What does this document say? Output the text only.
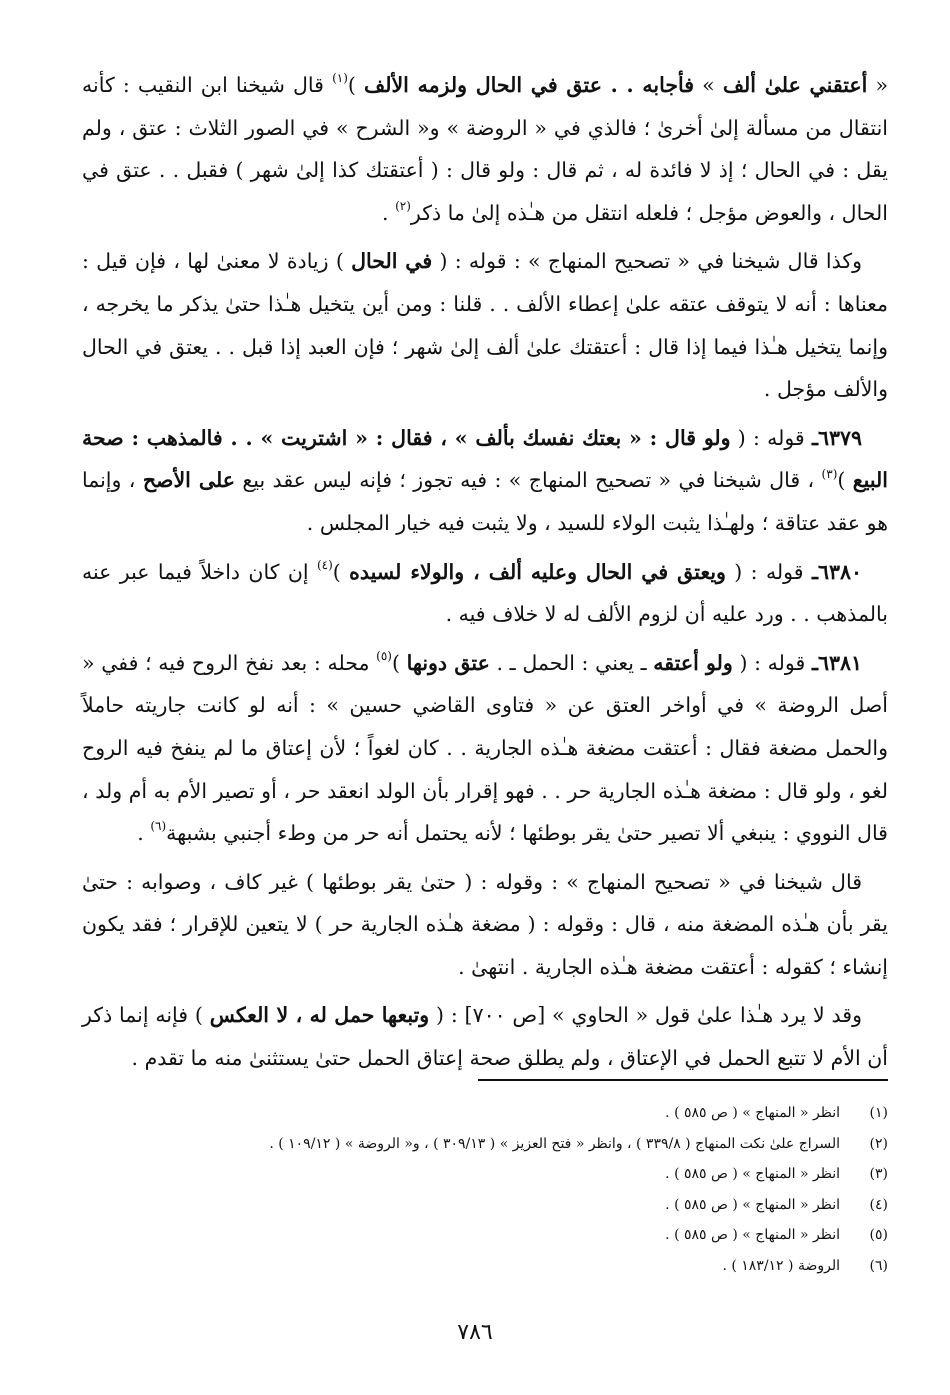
« أعتقني علىٰ ألف » فأجابه . . عتق في الحال ولزمه الألف )$^{(١)}$ قال شيخنا ابن النقيب : كأنه انتقال من مسألة إلىٰ أخرىٰ ؛ فالذي في « الروضة » و« الشرح » في الصور الثلاث : عتق ، ولم يقل : في الحال ؛ إذ لا فائدة له ، ثم قال : ولو قال : ( أعتقتك كذا إلىٰ شهر ) فقبل . . عتق في الحال ، والعوض مؤجل ؛ فلعله انتقل من هـٰذه إلىٰ ما ذكر$^{(٢)}$ .

وكذا قال شيخنا في « تصحيح المنهاج » : قوله : ( في الحال ) زيادة لا معنىٰ لها ، فإن قيل : معناها : أنه لا يتوقف عتقه علىٰ إعطاء الألف . . قلنا : ومن أين يتخيل هـٰذا حتىٰ يذكر ما يخرجه ، وإنما يتخيل هـٰذا فيما إذا قال : أعتقتك علىٰ ألف إلىٰ شهر ؛ فإن العبد إذا قبل . . يعتق في الحال والألف مؤجل .

٦٣٧٩ـ قوله : ( ولو قال : « بعتك نفسك بألف » ، فقال : « اشتريت » . . فالمذهب : صحة البيع )$^{(٣)}$ ، قال شيخنا في « تصحيح المنهاج » : فيه تجوز ؛ فإنه ليس عقد بيع على الأصح ، وإنما هو عقد عتاقة ؛ ولهـٰذا يثبت الولاء للسيد ، ولا يثبت فيه خيار المجلس .

٦٣٨٠ـ قوله : ( ويعتق في الحال وعليه ألف ، والولاء لسيده )$^{(٤)}$ إن كان داخلاً فيما عبر عنه بالمذهب . . ورد عليه أن لزوم الألف له لا خلاف فيه .

٦٣٨١ـ قوله : ( ولو أعتقه ـ يعني : الحمل ـ . عتق دونها )$^{(٥)}$ محله : بعد نفخ الروح فيه ؛ ففي « أصل الروضة » في أواخر العتق عن « فتاوى القاضي حسين » : أنه لو كانت جاريته حاملاً والحمل مضغة فقال : أعتقت مضغة هـٰذه الجارية . . كان لغواً ؛ لأن إعتاق ما لم ينفخ فيه الروح لغو ، ولو قال : مضغة هـٰذه الجارية حر . . فهو إقرار بأن الولد انعقد حر ، أو تصير الأم به أم ولد ، قال النووي : ينبغي ألا تصير حتىٰ يقر بوطئها ؛ لأنه يحتمل أنه حر من وطء أجنبي بشبهة$^{(٦)}$ .

قال شيخنا في « تصحيح المنهاج » : وقوله : ( حتىٰ يقر بوطئها ) غير كاف ، وصوابه : حتىٰ يقر بأن هـٰذه المضغة منه ، قال : وقوله : ( مضغة هـٰذه الجارية حر ) لا يتعين للإقرار ؛ فقد يكون إنشاء ؛ كقوله : أعتقت مضغة هـٰذه الجارية . انتهىٰ .

وقد لا يرد هـٰذا علىٰ قول « الحاوي » [ص ٧٠٠] : ( وتبعها حمل له ، لا العكس ) فإنه إنما ذكر أن الأم لا تتبع الحمل في الإعتاق ، ولم يطلق صحة إعتاق الحمل حتىٰ يستثنىٰ منه ما تقدم .

(١)
انظر « المنهاج » ( ص ٥٨٥ ) .
(٢)
السراج علىٰ نكت المنهاج ( ٣٣٩/٨ ) ، وانظر « فتح العزيز » ( ٣٠٩/١٣ ) ، و« الروضة » ( ١٠٩/١٢ ) .
(٣)
انظر « المنهاج » ( ص ٥٨٥ ) .
(٤)
انظر « المنهاج » ( ص ٥٨٥ ) .
(٥)
انظر « المنهاج » ( ص ٥٨٥ ) .
(٦)
الروضة ( ١٨٣/١٢ ) .
٧٨٦
